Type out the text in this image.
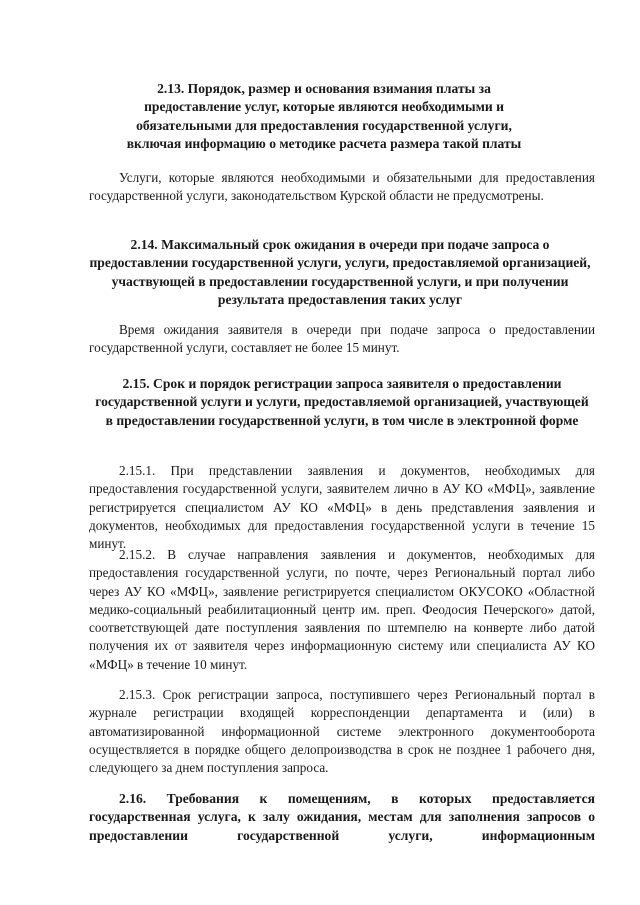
2.13. Порядок, размер и основания взимания платы за предоставление услуг, которые являются необходимыми и обязательными для предоставления государственной услуги, включая информацию о методике расчета размера такой платы
Услуги, которые являются необходимыми и обязательными для предоставления государственной услуги, законодательством Курской области не предусмотрены.
2.14. Максимальный срок ожидания в очереди при подаче запроса о предоставлении государственной услуги, услуги, предоставляемой организацией, участвующей в предоставлении государственной услуги, и при получении результата предоставления таких услуг
Время ожидания заявителя в очереди при подаче запроса о предоставлении государственной услуги, составляет не более 15 минут.
2.15. Срок и порядок регистрации запроса заявителя о предоставлении государственной услуги и услуги, предоставляемой организацией, участвующей в предоставлении государственной услуги, в том числе в электронной форме
2.15.1. При представлении заявления и документов, необходимых для предоставления государственной услуги, заявителем лично в АУ КО «МФЦ», заявление регистрируется специалистом АУ КО «МФЦ» в день представления заявления и документов, необходимых для предоставления государственной услуги в течение 15 минут.
2.15.2. В случае направления заявления и документов, необходимых для предоставления государственной услуги, по почте, через Региональный портал либо через АУ КО «МФЦ», заявление регистрируется специалистом ОКУСОКО «Областной медико-социальный реабилитационный центр им. преп. Феодосия Печерского» датой, соответствующей дате поступления заявления по штемпелю на конверте либо датой получения их от заявителя через информационную систему или специалиста АУ КО «МФЦ» в течение 10 минут.
2.15.3. Срок регистрации запроса, поступившего через Региональный портал в журнале регистрации входящей корреспонденции департамента и (или) в автоматизированной информационной системе электронного документооборота осуществляется в порядке общего делопроизводства в срок не позднее 1 рабочего дня, следующего за днем поступления запроса.
2.16. Требования к помещениям, в которых предоставляется государственная услуга, к залу ожидания, местам для заполнения запросов о предоставлении государственной услуги, информационным
